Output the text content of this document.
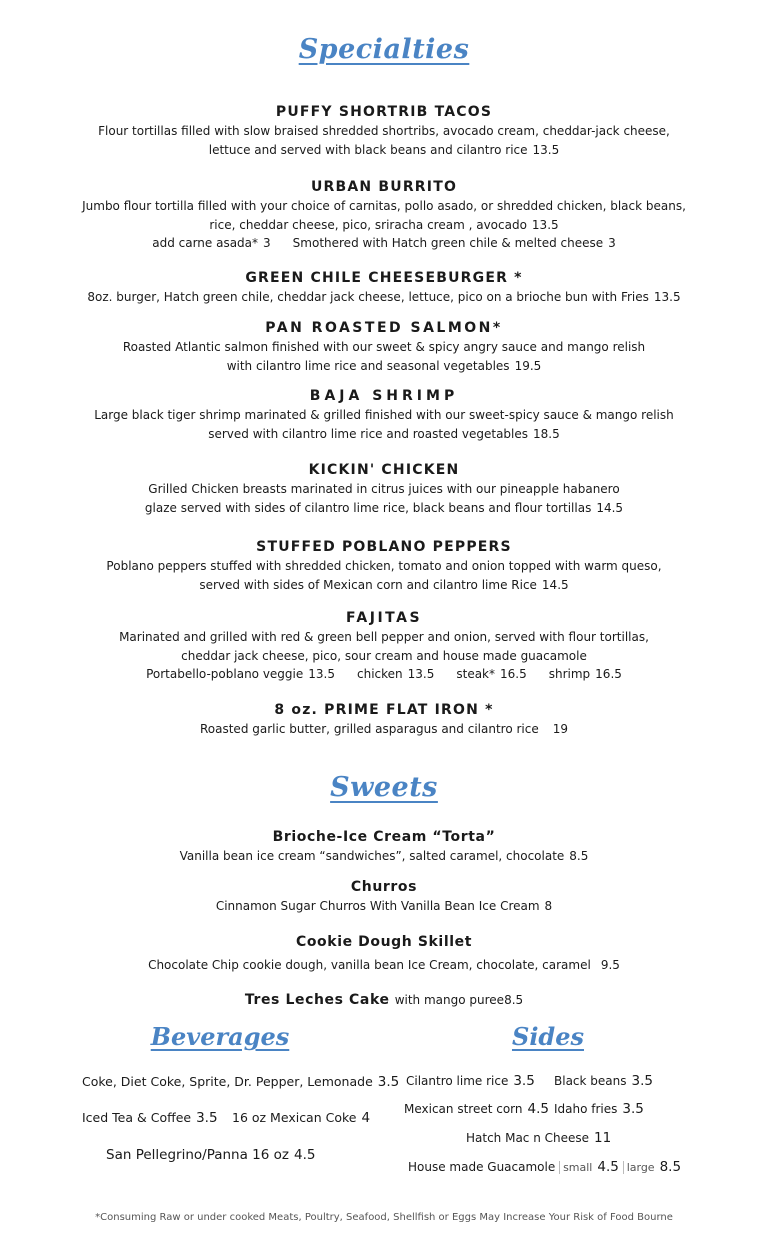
Specialties
PUFFY SHORTRIB TACOS
Flour tortillas filled with slow braised shredded shortribs, avocado cream, cheddar-jack cheese,
lettuce and served with black beans and cilantro rice 13.5
URBAN BURRITO
Jumbo flour tortilla filled with your choice of carnitas, pollo asado, or shredded chicken, black beans,
rice, cheddar cheese, pico, sriracha cream , avocado 13.5
add carne asada* 3 Smothered with Hatch green chile & melted cheese 3
GREEN CHILE CHEESEBURGER *
8oz. burger, Hatch green chile, cheddar jack cheese, lettuce, pico on a brioche bun with Fries 13.5
PAN ROASTED SALMON*
Roasted Atlantic salmon finished with our sweet & spicy angry sauce and mango relish
with cilantro lime rice and seasonal vegetables 19.5
BAJA SHRIMP
Large black tiger shrimp marinated & grilled finished with our sweet-spicy sauce & mango relish
served with cilantro lime rice and roasted vegetables 18.5
KICKIN' CHICKEN
Grilled Chicken breasts marinated in citrus juices with our pineapple habanero
glaze served with sides of cilantro lime rice, black beans and flour tortillas 14.5
STUFFED POBLANO PEPPERS
Poblano peppers stuffed with shredded chicken, tomato and onion topped with warm queso,
served with sides of Mexican corn and cilantro lime Rice 14.5
FAJITAS
Marinated and grilled with red & green bell pepper and onion, served with flour tortillas,
cheddar jack cheese, pico, sour cream and house made guacamole
Portabello-poblano veggie 13.5 chicken 13.5 steak* 16.5 shrimp 16.5
8 oz. PRIME FLAT IRON *
Roasted garlic butter, grilled asparagus and cilantro rice 19
Sweets
Brioche-Ice Cream “Torta”
Vanilla bean ice cream “sandwiches”, salted caramel, chocolate 8.5
Churros
Cinnamon Sugar Churros With Vanilla Bean Ice Cream 8
Cookie Dough Skillet
Chocolate Chip cookie dough, vanilla bean Ice Cream, chocolate, caramel 9.5
Tres Leches Cake with mango puree8.5
Beverages
Coke, Diet Coke, Sprite, Dr. Pepper, Lemonade 3.5
Iced Tea & Coffee 3.5 16 oz Mexican Coke 4
San Pellegrino/Panna 16 oz 4.5
Sides
Cilantro lime rice 3.5 Black beans 3.5
Mexican street corn 4.5 Idaho fries 3.5
Hatch Mac n Cheese 11
House made Guacamole small 4.5 large 8.5
*Consuming Raw or under cooked Meats, Poultry, Seafood, Shellfish or Eggs May Increase Your Risk of Food Bourne
